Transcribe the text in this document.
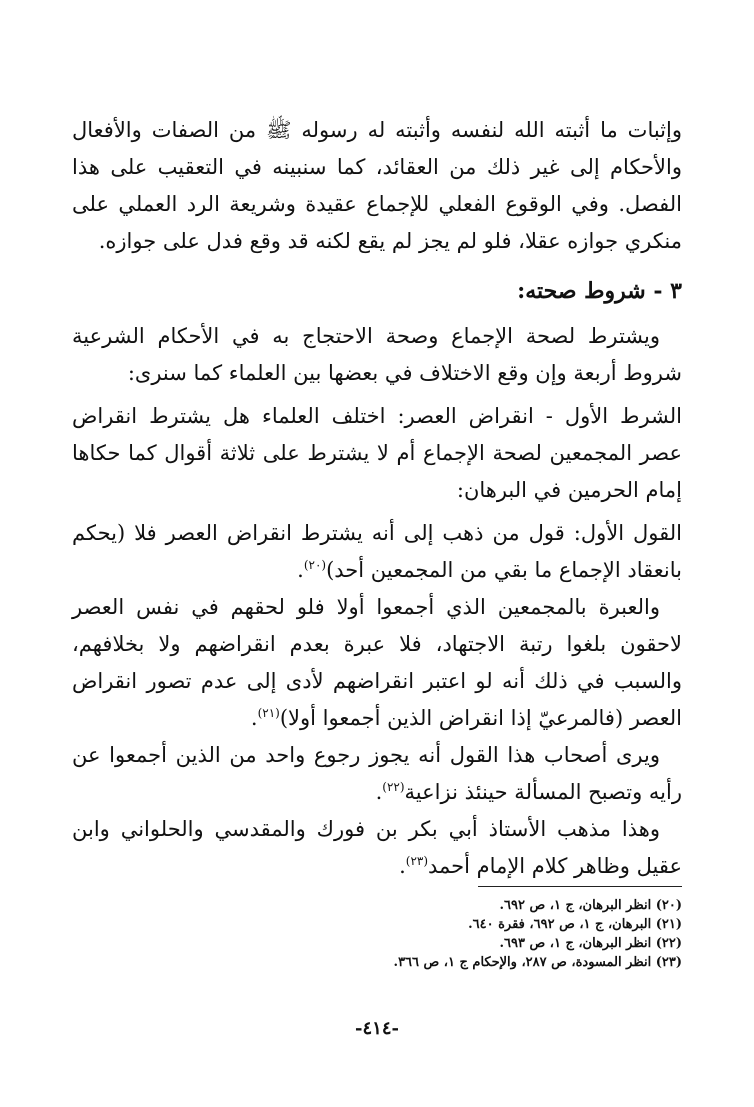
وإثبات ما أثبته الله لنفسه وأثبته له رسوله ﷺ من الصفات والأفعال والأحكام إلى غير ذلك من العقائد، كما سنبينه في التعقيب على هذا الفصل. وفي الوقوع الفعلي للإجماع عقيدة وشريعة الرد العملي على منكري جوازه عقلا، فلو لم يجز لم يقع لكنه قد وقع فدل على جوازه.

٣ - شروط صحته:

ويشترط لصحة الإجماع وصحة الاحتجاج به في الأحكام الشرعية شروط أربعة وإن وقع الاختلاف في بعضها بين العلماء كما سنرى:

الشرط الأول - انقراض العصر: اختلف العلماء هل يشترط انقراض عصر المجمعين لصحة الإجماع أم لا يشترط على ثلاثة أقوال كما حكاها إمام الحرمين في البرهان:

القول الأول: قول من ذهب إلى أنه يشترط انقراض العصر فلا (يحكم بانعقاد الإجماع ما بقي من المجمعين أحد)$^{(٢٠)}$.

والعبرة بالمجمعين الذي أجمعوا أولا فلو لحقهم في نفس العصر لاحقون بلغوا رتبة الاجتهاد، فلا عبرة بعدم انقراضهم ولا بخلافهم، والسبب في ذلك أنه لو اعتبر انقراضهم لأدى إلى عدم تصور انقراض العصر (فالمرعيّ إذا انقراض الذين أجمعوا أولا)$^{(٢١)}$.

ويرى أصحاب هذا القول أنه يجوز رجوع واحد من الذين أجمعوا عن رأيه وتصبح المسألة حينئذ نزاعية$^{(٢٢)}$.

وهذا مذهب الأستاذ أبي بكر بن فورك والمقدسي والحلواني وابن عقيل وظاهر كلام الإمام أحمد$^{(٢٣)}$.

(٢٠) انظر البرهان، ج ١، ص ٦٩٢.
(٢١) البرهان، ج ١، ص ٦٩٢، فقرة ٦٤٠.
(٢٢) انظر البرهان، ج ١، ص ٦٩٣.
(٢٣) انظر المسودة، ص ٢٨٧، والإحكام ج ١، ص ٣٦٦.
-٤١٤-
